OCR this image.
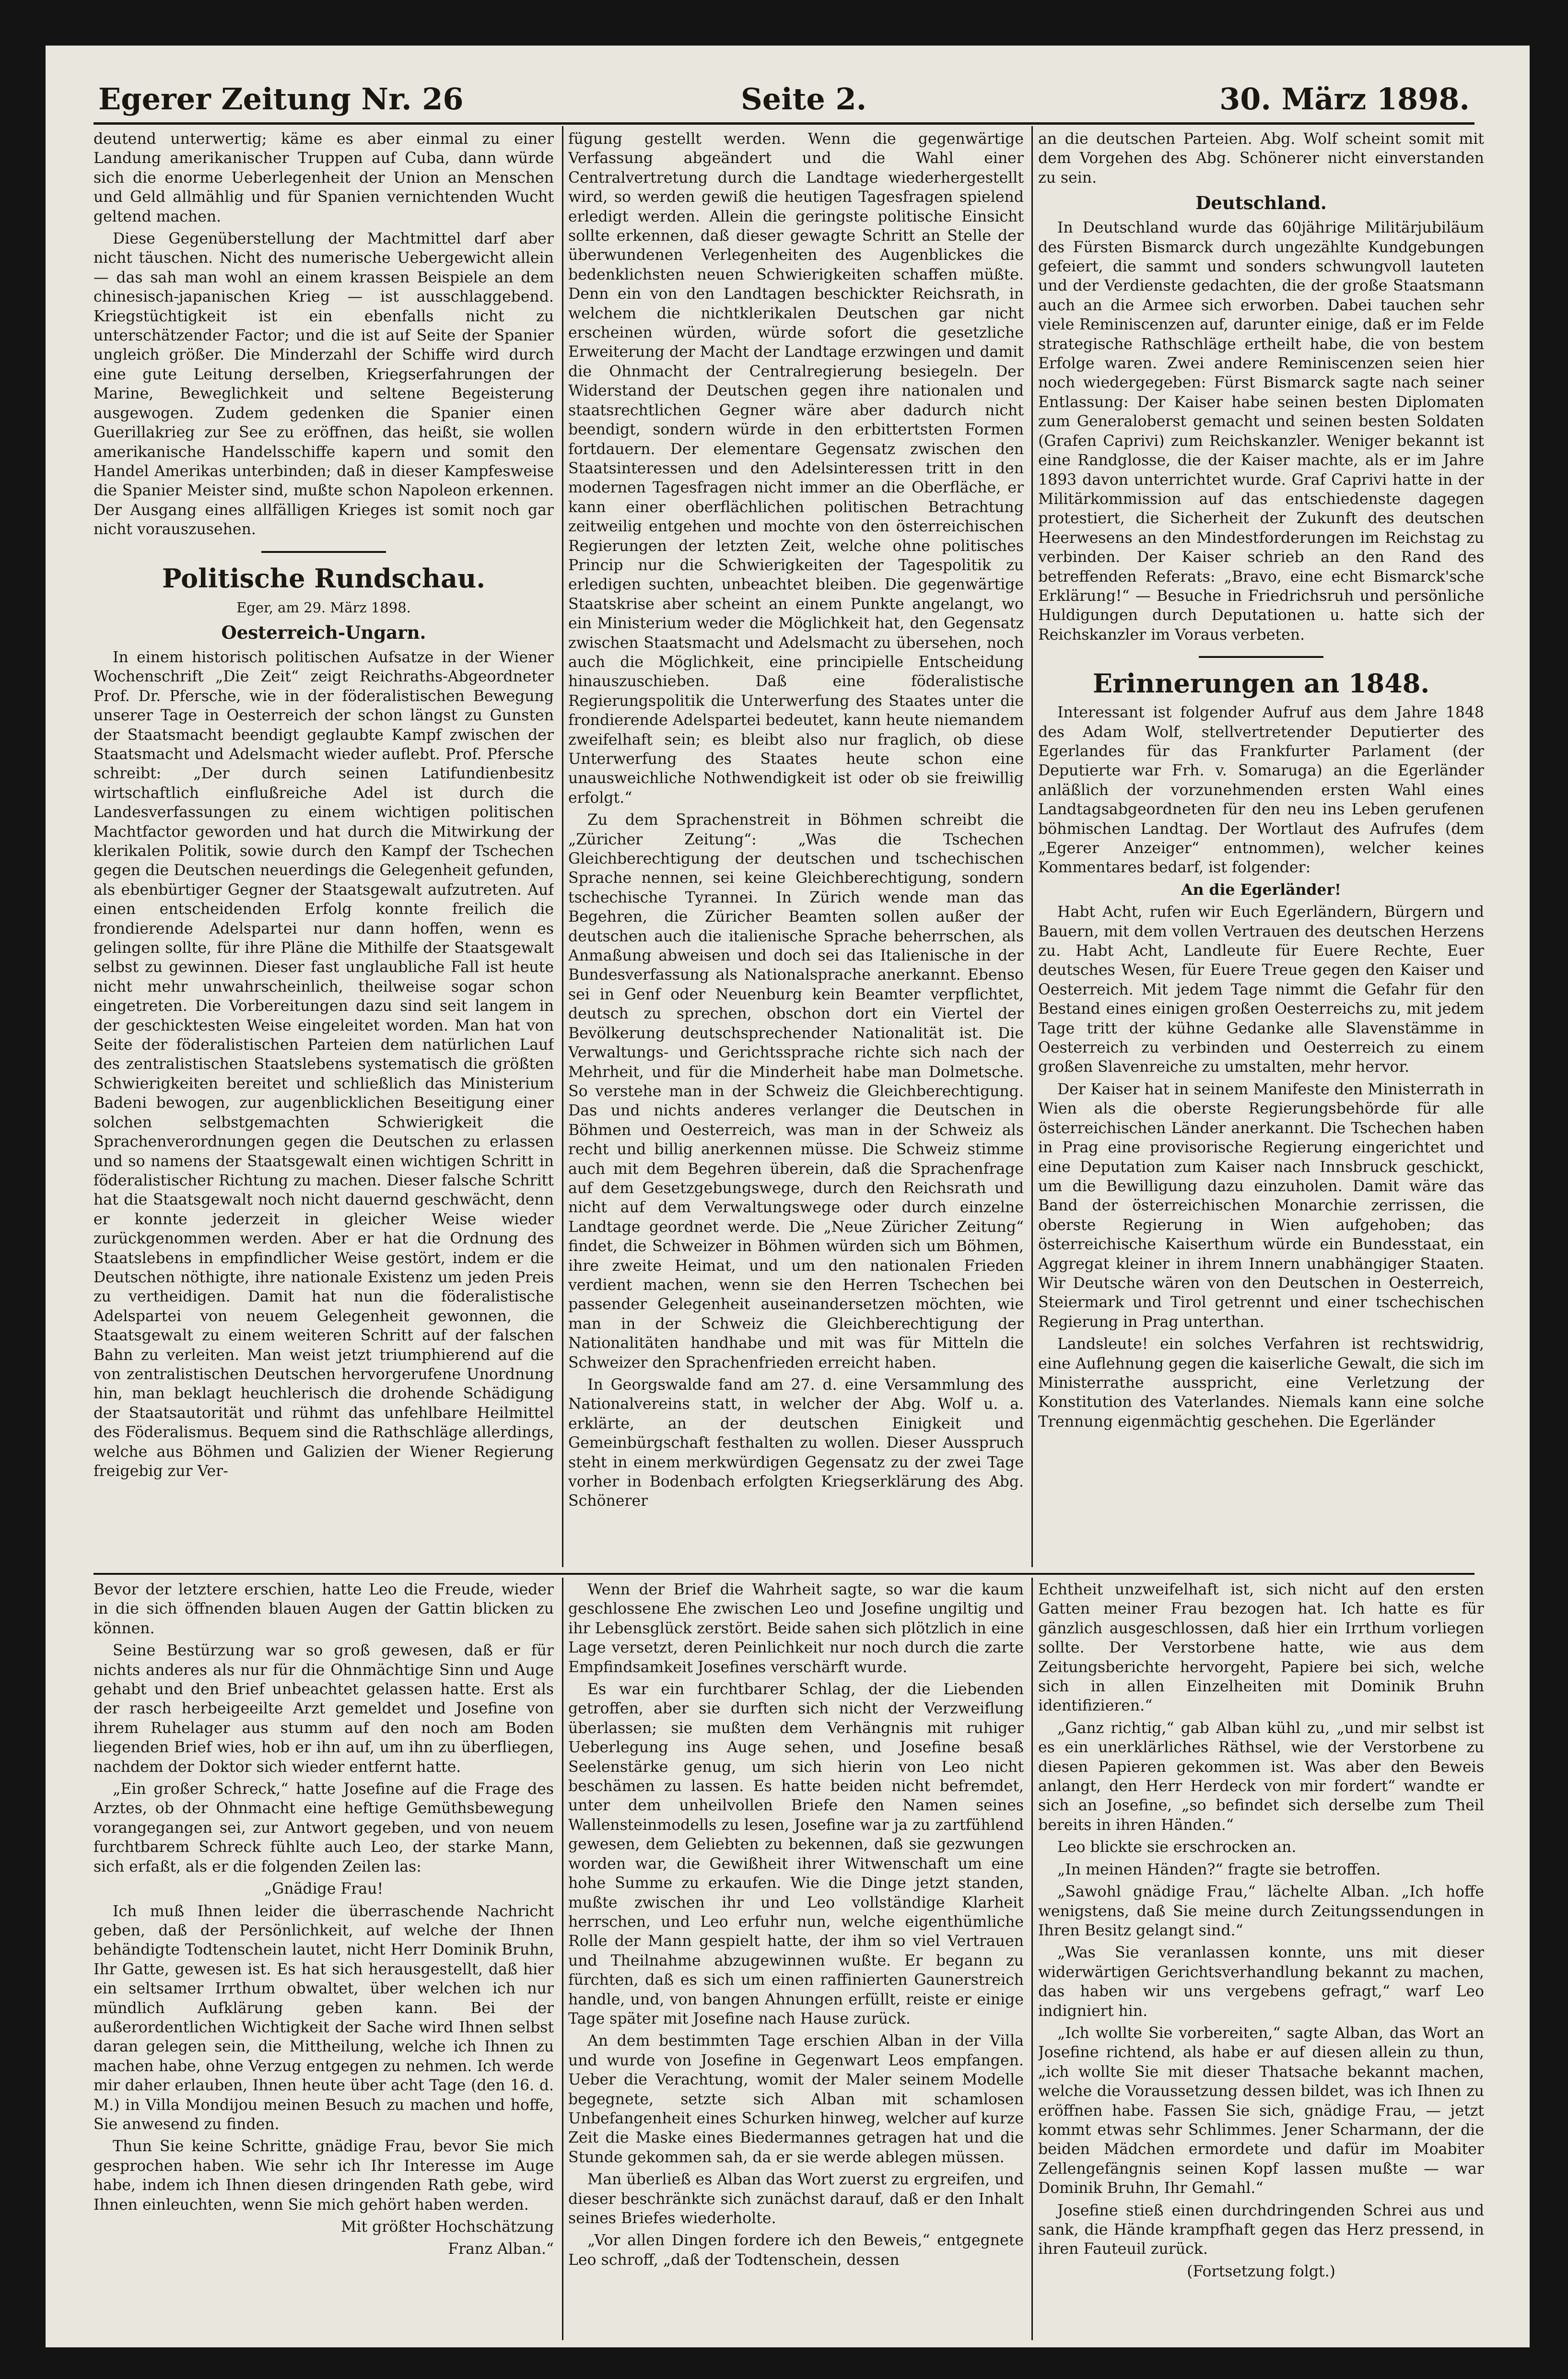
Egerer Zeitung Nr. 26	Seite 2.	30. März 1898.

deutend unterwertig; käme es aber einmal zu einer Landung amerikanischer Truppen auf Cuba, dann würde sich die enorme Ueberlegenheit der Union an Menschen und Geld allmählig und für Spanien vernichtenden Wucht geltend machen.

Diese Gegenüberstellung der Machtmittel darf aber nicht täuschen. Nicht des numerische Uebergewicht allein — das sah man wohl an einem krassen Beispiele an dem chinesisch-japanischen Krieg — ist ausschlaggebend. Kriegstüchtigkeit ist ein ebenfalls nicht zu unterschätzender Factor; und die ist auf Seite der Spanier ungleich größer. Die Minderzahl der Schiffe wird durch eine gute Leitung derselben, Kriegserfahrungen der Marine, Beweglichkeit und seltene Begeisterung ausgewogen. Zudem gedenken die Spanier einen Guerillakrieg zur See zu eröffnen, das heißt, sie wollen amerikanische Handelsschiffe kapern und somit den Handel Amerikas unterbinden; daß in dieser Kampfesweise die Spanier Meister sind, mußte schon Napoleon erkennen. Der Ausgang eines allfälligen Krieges ist somit noch gar nicht vorauszusehen.

Politische Rundschau.

Eger, am 29. März 1898.

Oesterreich-Ungarn.

In einem historisch politischen Aufsatze in der Wiener Wochenschrift „Die Zeit“ zeigt Reichraths-Abgeordneter Prof. Dr. Pfersche, wie in der föderalistischen Bewegung unserer Tage in Oesterreich der schon längst zu Gunsten der Staatsmacht beendigt geglaubte Kampf zwischen der Staatsmacht und Adelsmacht wieder auflebt. Prof. Pfersche schreibt: „Der durch seinen Latifundienbesitz wirtschaftlich einflußreiche Adel ist durch die Landesverfassungen zu einem wichtigen politischen Machtfactor geworden und hat durch die Mitwirkung der klerikalen Politik, sowie durch den Kampf der Tschechen gegen die Deutschen neuerdings die Gelegenheit gefunden, als ebenbürtiger Gegner der Staatsgewalt aufzutreten. Auf einen entscheidenden Erfolg konnte freilich die frondierende Adelspartei nur dann hoffen, wenn es gelingen sollte, für ihre Pläne die Mithilfe der Staatsgewalt selbst zu gewinnen. Dieser fast unglaubliche Fall ist heute nicht mehr unwahrscheinlich, theilweise sogar schon eingetreten. Die Vorbereitungen dazu sind seit langem in der geschicktesten Weise eingeleitet worden. Man hat von Seite der föderalistischen Parteien dem natürlichen Lauf des zentralistischen Staatslebens systematisch die größten Schwierigkeiten bereitet und schließlich das Ministerium Badeni bewogen, zur augenblicklichen Beseitigung einer solchen selbstgemachten Schwierigkeit die Sprachenverordnungen gegen die Deutschen zu erlassen und so namens der Staatsgewalt einen wichtigen Schritt in föderalistischer Richtung zu machen. Dieser falsche Schritt hat die Staatsgewalt noch nicht dauernd geschwächt, denn er konnte jederzeit in gleicher Weise wieder zurückgenommen werden. Aber er hat die Ordnung des Staatslebens in empfindlicher Weise gestört, indem er die Deutschen nöthigte, ihre nationale Existenz um jeden Preis zu vertheidigen. Damit hat nun die föderalistische Adelspartei von neuem Gelegenheit gewonnen, die Staatsgewalt zu einem weiteren Schritt auf der falschen Bahn zu verleiten. Man weist jetzt triumphierend auf die von zentralistischen Deutschen hervorgerufene Unordnung hin, man beklagt heuchlerisch die drohende Schädigung der Staatsautorität und rühmt das unfehlbare Heilmittel des Föderalismus. Bequem sind die Rathschläge allerdings, welche aus Böhmen und Galizien der Wiener Regierung freigebig zur Ver-

fügung gestellt werden. Wenn die gegenwärtige Verfassung abgeändert und die Wahl einer Centralvertretung durch die Landtage wiederhergestellt wird, so werden gewiß die heutigen Tagesfragen spielend erledigt werden. Allein die geringste politische Einsicht sollte erkennen, daß dieser gewagte Schritt an Stelle der überwundenen Verlegenheiten des Augenblickes die bedenklichsten neuen Schwierigkeiten schaffen müßte. Denn ein von den Landtagen beschickter Reichsrath, in welchem die nichtklerikalen Deutschen gar nicht erscheinen würden, würde sofort die gesetzliche Erweiterung der Macht der Landtage erzwingen und damit die Ohnmacht der Centralregierung besiegeln. Der Widerstand der Deutschen gegen ihre nationalen und staatsrechtlichen Gegner wäre aber dadurch nicht beendigt, sondern würde in den erbittertsten Formen fortdauern. Der elementare Gegensatz zwischen den Staatsinteressen und den Adelsinteressen tritt in den modernen Tagesfragen nicht immer an die Oberfläche, er kann einer oberflächlichen politischen Betrachtung zeitweilig entgehen und mochte von den österreichischen Regierungen der letzten Zeit, welche ohne politisches Princip nur die Schwierigkeiten der Tagespolitik zu erledigen suchten, unbeachtet bleiben. Die gegenwärtige Staatskrise aber scheint an einem Punkte angelangt, wo ein Ministerium weder die Möglichkeit hat, den Gegensatz zwischen Staatsmacht und Adelsmacht zu übersehen, noch auch die Möglichkeit, eine principielle Entscheidung hinauszuschieben. Daß eine föderalistische Regierungspolitik die Unterwerfung des Staates unter die frondierende Adelspartei bedeutet, kann heute niemandem zweifelhaft sein; es bleibt also nur fraglich, ob diese Unterwerfung des Staates heute schon eine unausweichliche Nothwendigkeit ist oder ob sie freiwillig erfolgt.“

Zu dem Sprachenstreit in Böhmen schreibt die „Züricher Zeitung“: „Was die Tschechen Gleichberechtigung der deutschen und tschechischen Sprache nennen, sei keine Gleichberechtigung, sondern tschechische Tyrannei. In Zürich wende man das Begehren, die Züricher Beamten sollen außer der deutschen auch die italienische Sprache beherrschen, als Anmaßung abweisen und doch sei das Italienische in der Bundesverfassung als Nationalsprache anerkannt. Ebenso sei in Genf oder Neuenburg kein Beamter verpflichtet, deutsch zu sprechen, obschon dort ein Viertel der Bevölkerung deutschsprechender Nationalität ist. Die Verwaltungs- und Gerichtssprache richte sich nach der Mehrheit, und für die Minderheit habe man Dolmetsche. So verstehe man in der Schweiz die Gleichberechtigung. Das und nichts anderes verlanger die Deutschen in Böhmen und Oesterreich, was man in der Schweiz als recht und billig anerkennen müsse. Die Schweiz stimme auch mit dem Begehren überein, daß die Sprachenfrage auf dem Gesetzgebungswege, durch den Reichsrath und nicht auf dem Verwaltungswege oder durch einzelne Landtage geordnet werde. Die „Neue Züricher Zeitung“ findet, die Schweizer in Böhmen würden sich um Böhmen, ihre zweite Heimat, und um den nationalen Frieden verdient machen, wenn sie den Herren Tschechen bei passender Gelegenheit auseinandersetzen möchten, wie man in der Schweiz die Gleichberechtigung der Nationalitäten handhabe und mit was für Mitteln die Schweizer den Sprachenfrieden erreicht haben.

In Georgswalde fand am 27. d. eine Versammlung des Nationalvereins statt, in welcher der Abg. Wolf u. a. erklärte, an der deutschen Einigkeit und Gemeinbürgschaft festhalten zu wollen. Dieser Ausspruch steht in einem merkwürdigen Gegensatz zu der zwei Tage vorher in Bodenbach erfolgten Kriegserklärung des Abg. Schönerer

an die deutschen Parteien. Abg. Wolf scheint somit mit dem Vorgehen des Abg. Schönerer nicht einverstanden zu sein.

Deutschland.

In Deutschland wurde das 60jährige Militärjubiläum des Fürsten Bismarck durch ungezählte Kundgebungen gefeiert, die sammt und sonders schwungvoll lauteten und der Verdienste gedachten, die der große Staatsmann auch an die Armee sich erworben. Dabei tauchen sehr viele Reminiscenzen auf, darunter einige, daß er im Felde strategische Rathschläge ertheilt habe, die von bestem Erfolge waren. Zwei andere Reminiscenzen seien hier noch wiedergegeben: Fürst Bismarck sagte nach seiner Entlassung: Der Kaiser habe seinen besten Diplomaten zum Generaloberst gemacht und seinen besten Soldaten (Grafen Caprivi) zum Reichskanzler. Weniger bekannt ist eine Randglosse, die der Kaiser machte, als er im Jahre 1893 davon unterrichtet wurde. Graf Caprivi hatte in der Militärkommission auf das entschiedenste dagegen protestiert, die Sicherheit der Zukunft des deutschen Heerwesens an den Mindestforderungen im Reichstag zu verbinden. Der Kaiser schrieb an den Rand des betreffenden Referats: „Bravo, eine echt Bismarck'sche Erklärung!“ — Besuche in Friedrichsruh und persönliche Huldigungen durch Deputationen u. hatte sich der Reichskanzler im Voraus verbeten.

Erinnerungen an 1848.

Interessant ist folgender Aufruf aus dem Jahre 1848 des Adam Wolf, stellvertretender Deputierter des Egerlandes für das Frankfurter Parlament (der Deputierte war Frh. v. Somaruga) an die Egerländer anläßlich der vorzunehmenden ersten Wahl eines Landtagsabgeordneten für den neu ins Leben gerufenen böhmischen Landtag. Der Wortlaut des Aufrufes (dem „Egerer Anzeiger“ entnommen), welcher keines Kommentares bedarf, ist folgender:

An die Egerländer!

Habt Acht, rufen wir Euch Egerländern, Bürgern und Bauern, mit dem vollen Vertrauen des deutschen Herzens zu. Habt Acht, Landleute für Euere Rechte, Euer deutsches Wesen, für Euere Treue gegen den Kaiser und Oesterreich. Mit jedem Tage nimmt die Gefahr für den Bestand eines einigen großen Oesterreichs zu, mit jedem Tage tritt der kühne Gedanke alle Slavenstämme in Oesterreich zu verbinden und Oesterreich zu einem großen Slavenreiche zu umstalten, mehr hervor.

Der Kaiser hat in seinem Manifeste den Ministerrath in Wien als die oberste Regierungsbehörde für alle österreichischen Länder anerkannt. Die Tschechen haben in Prag eine provisorische Regierung eingerichtet und eine Deputation zum Kaiser nach Innsbruck geschickt, um die Bewilligung dazu einzuholen. Damit wäre das Band der österreichischen Monarchie zerrissen, die oberste Regierung in Wien aufgehoben; das österreichische Kaiserthum würde ein Bundesstaat, ein Aggregat kleiner in ihrem Innern unabhängiger Staaten. Wir Deutsche wären von den Deutschen in Oesterreich, Steiermark und Tirol getrennt und einer tschechischen Regierung in Prag unterthan.

Landsleute! ein solches Verfahren ist rechtswidrig, eine Auflehnung gegen die kaiserliche Gewalt, die sich im Ministerrathe ausspricht, eine Verletzung der Konstitution des Vaterlandes. Niemals kann eine solche Trennung eigenmächtig geschehen. Die Egerländer

Bevor der letztere erschien, hatte Leo die Freude, wieder in die sich öffnenden blauen Augen der Gattin blicken zu können.

Seine Bestürzung war so groß gewesen, daß er für nichts anderes als nur für die Ohnmächtige Sinn und Auge gehabt und den Brief unbeachtet gelassen hatte. Erst als der rasch herbeigeeilte Arzt gemeldet und Josefine von ihrem Ruhelager aus stumm auf den noch am Boden liegenden Brief wies, hob er ihn auf, um ihn zu überfliegen, nachdem der Doktor sich wieder entfernt hatte.

„Ein großer Schreck,“ hatte Josefine auf die Frage des Arztes, ob der Ohnmacht eine heftige Gemüthsbewegung vorangegangen sei, zur Antwort gegeben, und von neuem furchtbarem Schreck fühlte auch Leo, der starke Mann, sich erfaßt, als er die folgenden Zeilen las:

„Gnädige Frau!

Ich muß Ihnen leider die überraschende Nachricht geben, daß der Persönlichkeit, auf welche der Ihnen behändigte Todtenschein lautet, nicht Herr Dominik Bruhn, Ihr Gatte, gewesen ist. Es hat sich herausgestellt, daß hier ein seltsamer Irrthum obwaltet, über welchen ich nur mündlich Aufklärung geben kann. Bei der außerordentlichen Wichtigkeit der Sache wird Ihnen selbst daran gelegen sein, die Mittheilung, welche ich Ihnen zu machen habe, ohne Verzug entgegen zu nehmen. Ich werde mir daher erlauben, Ihnen heute über acht Tage (den 16. d. M.) in Villa Mondijou meinen Besuch zu machen und hoffe, Sie anwesend zu finden.

Thun Sie keine Schritte, gnädige Frau, bevor Sie mich gesprochen haben. Wie sehr ich Ihr Interesse im Auge habe, indem ich Ihnen diesen dringenden Rath gebe, wird Ihnen einleuchten, wenn Sie mich gehört haben werden.

Mit größter Hochschätzung

Franz Alban.“

Wenn der Brief die Wahrheit sagte, so war die kaum geschlossene Ehe zwischen Leo und Josefine ungiltig und ihr Lebensglück zerstört. Beide sahen sich plötzlich in eine Lage versetzt, deren Peinlichkeit nur noch durch die zarte Empfindsamkeit Josefines verschärft wurde.

Es war ein furchtbarer Schlag, der die Liebenden getroffen, aber sie durften sich nicht der Verzweiflung überlassen; sie mußten dem Verhängnis mit ruhiger Ueberlegung ins Auge sehen, und Josefine besaß Seelenstärke genug, um sich hierin von Leo nicht beschämen zu lassen. Es hatte beiden nicht befremdet, unter dem unheilvollen Briefe den Namen seines Wallensteinmodells zu lesen, Josefine war ja zu zartfühlend gewesen, dem Geliebten zu bekennen, daß sie gezwungen worden war, die Gewißheit ihrer Witwenschaft um eine hohe Summe zu erkaufen. Wie die Dinge jetzt standen, mußte zwischen ihr und Leo vollständige Klarheit herrschen, und Leo erfuhr nun, welche eigenthümliche Rolle der Mann gespielt hatte, der ihm so viel Vertrauen und Theilnahme abzugewinnen wußte. Er begann zu fürchten, daß es sich um einen raffinierten Gaunerstreich handle, und, von bangen Ahnungen erfüllt, reiste er einige Tage später mit Josefine nach Hause zurück.

An dem bestimmten Tage erschien Alban in der Villa und wurde von Josefine in Gegenwart Leos empfangen. Ueber die Verachtung, womit der Maler seinem Modelle begegnete, setzte sich Alban mit schamlosen Unbefangenheit eines Schurken hinweg, welcher auf kurze Zeit die Maske eines Biedermannes getragen hat und die Stunde gekommen sah, da er sie werde ablegen müssen.

Man überließ es Alban das Wort zuerst zu ergreifen, und dieser beschränkte sich zunächst darauf, daß er den Inhalt seines Briefes wiederholte.

„Vor allen Dingen fordere ich den Beweis,“ entgegnete Leo schroff, „daß der Todtenschein, dessen

Echtheit unzweifelhaft ist, sich nicht auf den ersten Gatten meiner Frau bezogen hat. Ich hatte es für gänzlich ausgeschlossen, daß hier ein Irrthum vorliegen sollte. Der Verstorbene hatte, wie aus dem Zeitungsberichte hervorgeht, Papiere bei sich, welche sich in allen Einzelheiten mit Dominik Bruhn identifizieren.“

„Ganz richtig,“ gab Alban kühl zu, „und mir selbst ist es ein unerklärliches Räthsel, wie der Verstorbene zu diesen Papieren gekommen ist. Was aber den Beweis anlangt, den Herr Herdeck von mir fordert“ wandte er sich an Josefine, „so befindet sich derselbe zum Theil bereits in ihren Händen.“

Leo blickte sie erschrocken an.

„In meinen Händen?“ fragte sie betroffen.

„Sawohl gnädige Frau,“ lächelte Alban. „Ich hoffe wenigstens, daß Sie meine durch Zeitungssendungen in Ihren Besitz gelangt sind.“

„Was Sie veranlassen konnte, uns mit dieser widerwärtigen Gerichtsverhandlung bekannt zu machen, das haben wir uns vergebens gefragt,“ warf Leo indigniert hin.

„Ich wollte Sie vorbereiten,“ sagte Alban, das Wort an Josefine richtend, als habe er auf diesen allein zu thun, „ich wollte Sie mit dieser Thatsache bekannt machen, welche die Voraussetzung dessen bildet, was ich Ihnen zu eröffnen habe. Fassen Sie sich, gnädige Frau, — jetzt kommt etwas sehr Schlimmes. Jener Scharmann, der die beiden Mädchen ermordete und dafür im Moabiter Zellengefängnis seinen Kopf lassen mußte — war Dominik Bruhn, Ihr Gemahl.“

Josefine stieß einen durchdringenden Schrei aus und sank, die Hände krampfhaft gegen das Herz pressend, in ihren Fauteuil zurück.

(Fortsetzung folgt.)
